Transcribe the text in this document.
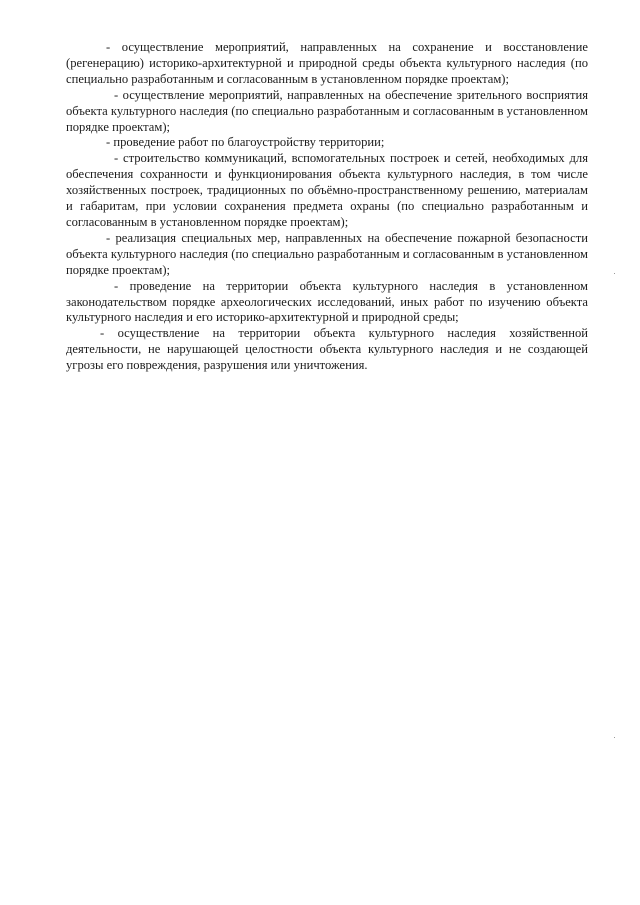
- осуществление мероприятий, направленных на сохранение и восстановление (регенерацию) историко-архитектурной и природной среды объекта культурного наследия (по специально разработанным и согласованным в установленном порядке проектам);

- осуществление мероприятий, направленных на обеспечение зрительного восприятия объекта культурного наследия (по специально разработанным и согласованным в установленном порядке проектам);

- проведение работ по благоустройству территории;

- строительство коммуникаций, вспомогательных построек и сетей, необходимых для обеспечения сохранности и функционирования объекта культурного наследия, в том числе хозяйственных построек, традиционных по объёмно-пространственному решению, материалам и габаритам, при условии сохранения предмета охраны (по специально разработанным и согласованным в установленном порядке проектам);

- реализация специальных мер, направленных на обеспечение пожарной безопасности объекта культурного наследия (по специально разработанным и согласованным в установленном порядке проектам);

- проведение на территории объекта культурного наследия в установленном законодательством порядке археологических исследований, иных работ по изучению объекта культурного наследия и его историко-архитектурной и природной среды;

- осуществление на территории объекта культурного наследия хозяйственной деятельности, не нарушающей целостности объекта культурного наследия и не создающей угрозы его повреждения, разрушения или уничтожения.
